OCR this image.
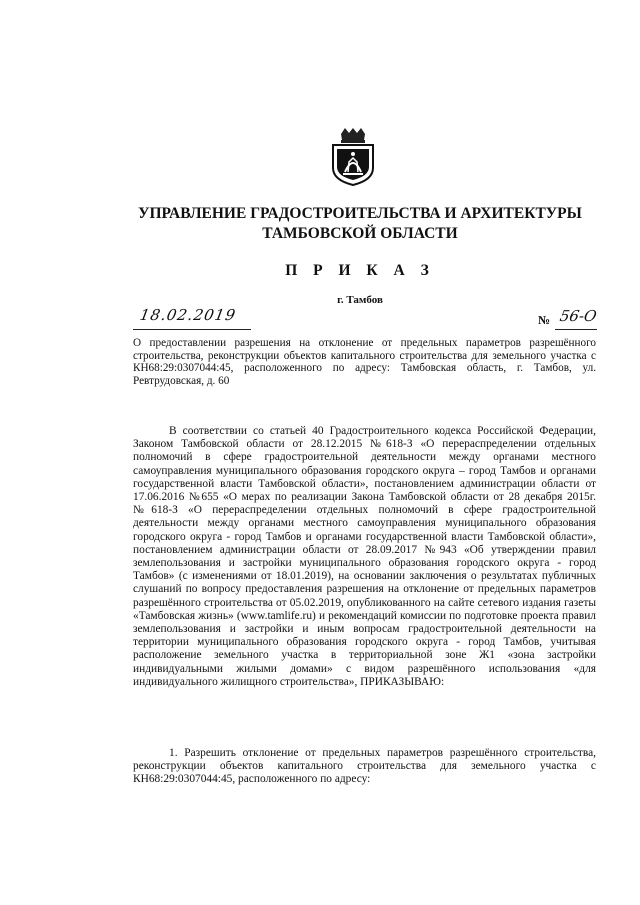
УПРАВЛЕНИЕ ГРАДОСТРОИТЕЛЬСТВА И АРХИТЕКТУРЫ
ТАМБОВСКОЙ ОБЛАСТИ
П Р И К А З
г. Тамбов
18.02.2019	№ 56-О
О предоставлении разрешения на отклонение от предельных параметров разрешённого строительства, реконструкции объектов капитального строительства для земельного участка с КН68:29:0307044:45, расположенного по адресу: Тамбовская область, г. Тамбов, ул. Ревтрудовская, д. 60
В соответствии со статьей 40 Градостроительного кодекса Российской Федерации, Законом Тамбовской области от 28.12.2015 №618-З «О перераспределении отдельных полномочий в сфере градостроительной деятельности между органами местного самоуправления муниципального образования городского округа – город Тамбов и органами государственной власти Тамбовской области», постановлением администрации области от 17.06.2016 №655 «О мерах по реализации Закона Тамбовской области от 28 декабря 2015г. №618-З «О перераспределении отдельных полномочий в сфере градостроительной деятельности между органами местного самоуправления муниципального образования городского округа - город Тамбов и органами государственной власти Тамбовской области», постановлением администрации области от 28.09.2017 №943 «Об утверждении правил землепользования и застройки муниципального образования городского округа - город Тамбов» (с изменениями от 18.01.2019), на основании заключения о результатах публичных слушаний по вопросу предоставления разрешения на отклонение от предельных параметров разрешённого строительства от 05.02.2019, опубликованного на сайте сетевого издания газеты «Тамбовская жизнь» (www.tamlife.ru) и рекомендаций комиссии по подготовке проекта правил землепользования и застройки и иным вопросам градостроительной деятельности на территории муниципального образования городского округа - город Тамбов, учитывая расположение земельного участка в территориальной зоне Ж1 «зона застройки индивидуальными жилыми домами» с видом разрешённого использования «для индивидуального жилищного строительства», ПРИКАЗЫВАЮ:
1. Разрешить отклонение от предельных параметров разрешённого строительства, реконструкции объектов капитального строительства для земельного участка с КН68:29:0307044:45, расположенного по адресу:
